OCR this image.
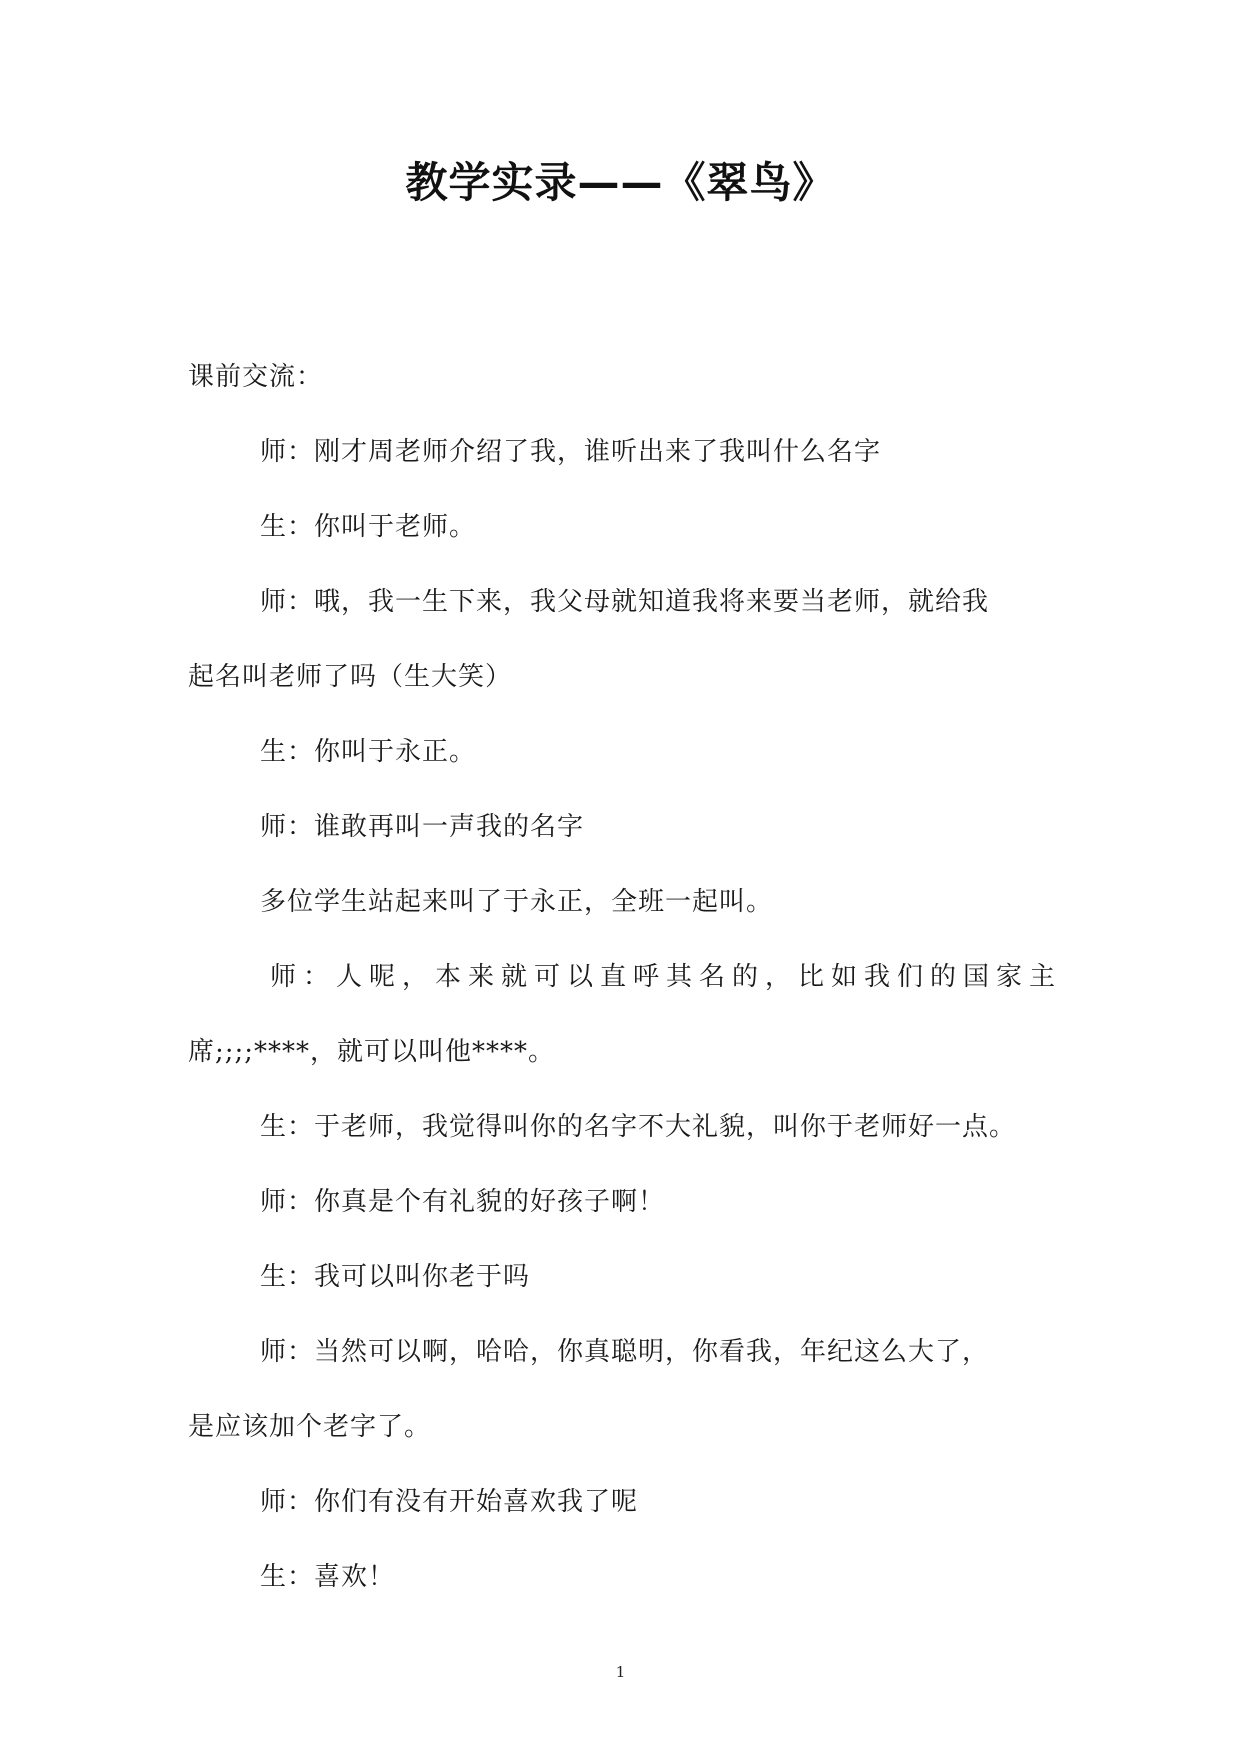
教学实录——《翠鸟》

课前交流：

师：刚才周老师介绍了我，谁听出来了我叫什么名字

生：你叫于老师。

师：哦，我一生下来，我父母就知道我将来要当老师，就给我

起名叫老师了吗（生大笑）

生：你叫于永正。

师：谁敢再叫一声我的名字

多位学生站起来叫了于永正，全班一起叫。

师：人呢，本来就可以直呼其名的，比如我们的国家主

席;;;;****，就可以叫他****。

生：于老师，我觉得叫你的名字不大礼貌，叫你于老师好一点。

师：你真是个有礼貌的好孩子啊！

生：我可以叫你老于吗

师：当然可以啊，哈哈，你真聪明，你看我，年纪这么大了，

是应该加个老字了。

师：你们有没有开始喜欢我了呢

生：喜欢！

1
